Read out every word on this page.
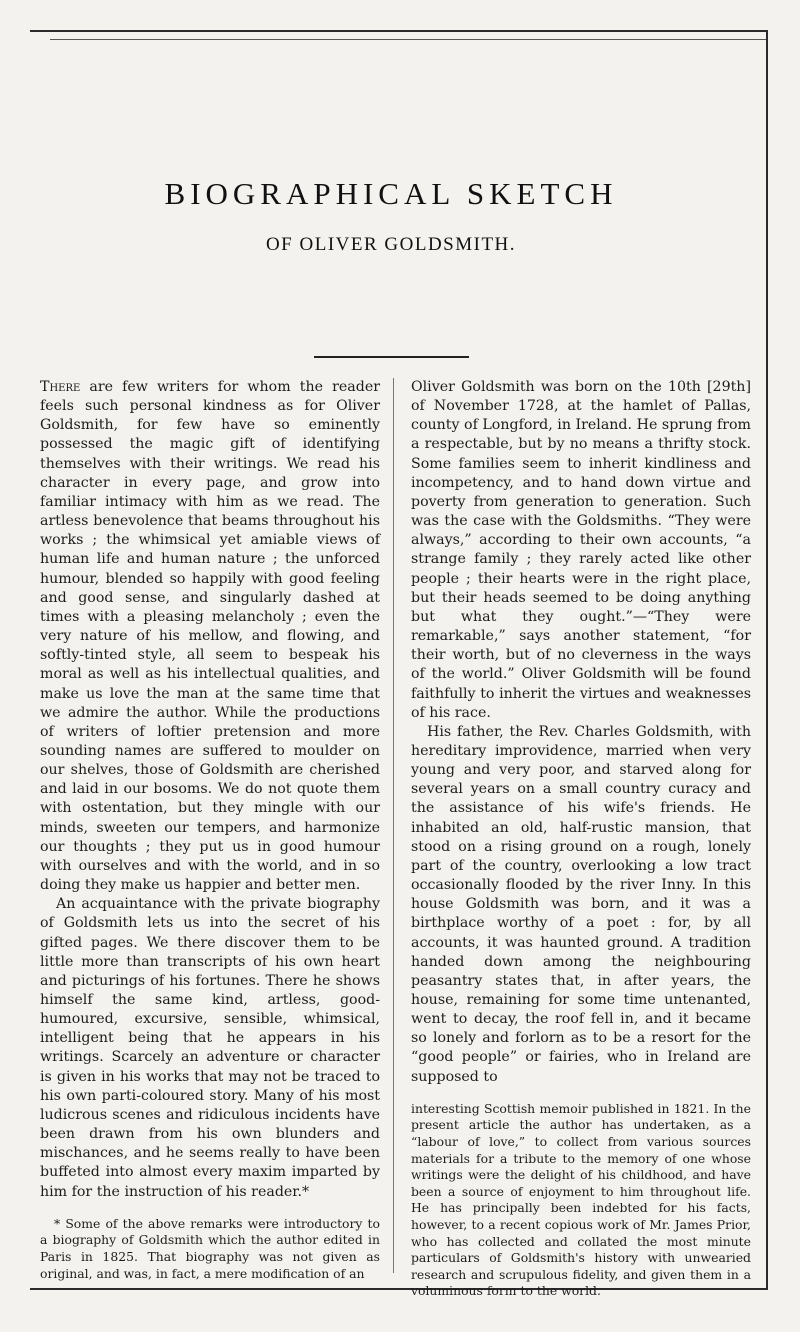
BIOGRAPHICAL SKETCH
OF OLIVER GOLDSMITH.

There are few writers for whom the reader feels such personal kindness as for Oliver Goldsmith, for few have so eminently possessed the magic gift of identifying themselves with their writings. We read his character in every page, and grow into familiar intimacy with him as we read. The artless benevolence that beams throughout his works ; the whimsical yet amiable views of human life and human nature ; the unforced humour, blended so happily with good feeling and good sense, and singularly dashed at times with a pleasing melancholy ; even the very nature of his mellow, and flowing, and softly-tinted style, all seem to bespeak his moral as well as his intellectual qualities, and make us love the man at the same time that we admire the author. While the productions of writers of loftier pretension and more sounding names are suffered to moulder on our shelves, those of Goldsmith are cherished and laid in our bosoms. We do not quote them with ostentation, but they mingle with our minds, sweeten our tempers, and harmonize our thoughts ; they put us in good humour with ourselves and with the world, and in so doing they make us happier and better men.

An acquaintance with the private biography of Goldsmith lets us into the secret of his gifted pages. We there discover them to be little more than transcripts of his own heart and picturings of his fortunes. There he shows himself the same kind, artless, good-humoured, excursive, sensible, whimsical, intelligent being that he appears in his writings. Scarcely an adventure or character is given in his works that may not be traced to his own parti-coloured story. Many of his most ludicrous scenes and ridiculous incidents have been drawn from his own blunders and mischances, and he seems really to have been buffeted into almost every maxim imparted by him for the instruction of his reader.*

* Some of the above remarks were introductory to a biography of Goldsmith which the author edited in Paris in 1825. That biography was not given as original, and was, in fact, a mere modification of an

Oliver Goldsmith was born on the 10th [29th] of November 1728, at the hamlet of Pallas, county of Longford, in Ireland. He sprung from a respectable, but by no means a thrifty stock. Some families seem to inherit kindliness and incompetency, and to hand down virtue and poverty from generation to generation. Such was the case with the Goldsmiths. “They were always,” according to their own accounts, “a strange family ; they rarely acted like other people ; their hearts were in the right place, but their heads seemed to be doing anything but what they ought.”—“They were remarkable,” says another statement, “for their worth, but of no cleverness in the ways of the world.” Oliver Goldsmith will be found faithfully to inherit the virtues and weaknesses of his race.

His father, the Rev. Charles Goldsmith, with hereditary improvidence, married when very young and very poor, and starved along for several years on a small country curacy and the assistance of his wife's friends. He inhabited an old, half-rustic mansion, that stood on a rising ground on a rough, lonely part of the country, overlooking a low tract occasionally flooded by the river Inny. In this house Goldsmith was born, and it was a birthplace worthy of a poet : for, by all accounts, it was haunted ground. A tradition handed down among the neighbouring peasantry states that, in after years, the house, remaining for some time untenanted, went to decay, the roof fell in, and it became so lonely and forlorn as to be a resort for the “good people” or fairies, who in Ireland are supposed to

interesting Scottish memoir published in 1821. In the present article the author has undertaken, as a “labour of love,” to collect from various sources materials for a tribute to the memory of one whose writings were the delight of his childhood, and have been a source of enjoyment to him throughout life. He has principally been indebted for his facts, however, to a recent copious work of Mr. James Prior, who has collected and collated the most minute particulars of Goldsmith's history with unwearied research and scrupulous fidelity, and given them in a voluminous form to the world.
